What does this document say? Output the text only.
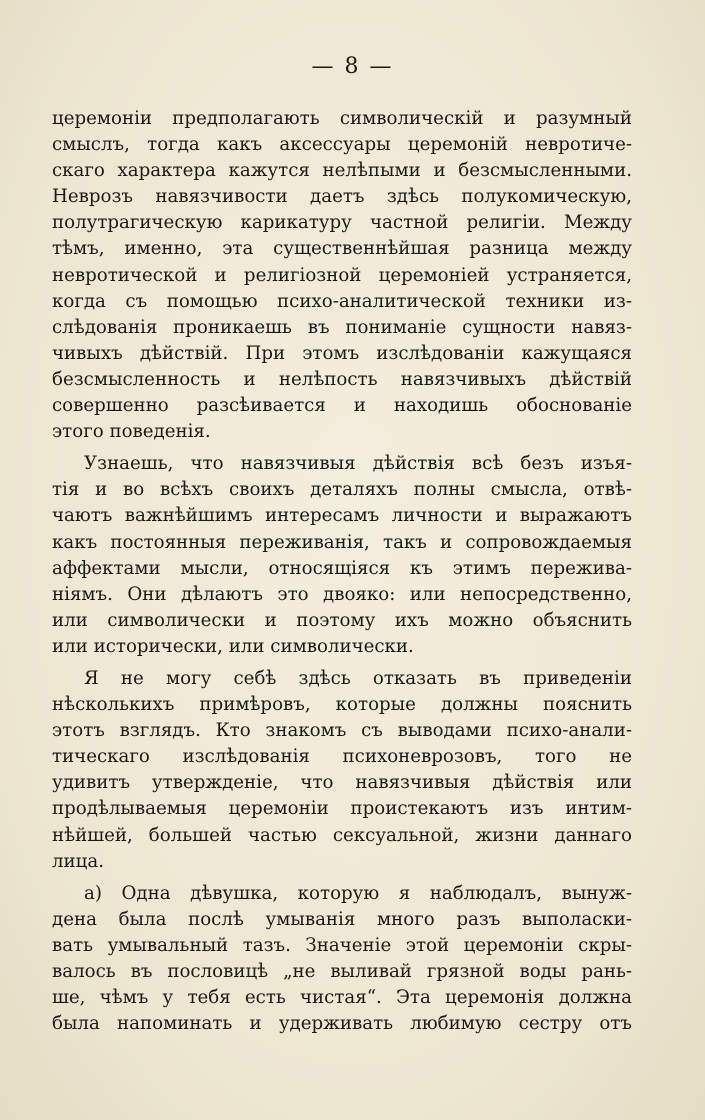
— 8 —
церемоніи предполагають символическій и разумный
смыслъ, тогда какъ аксессуары церемоній невротиче-
скаго характера кажутся нелѣпыми и безсмысленными.
Неврозъ навязчивости даетъ здѣсь полукомическую,
полутрагическую карикатуру частной религіи. Между
тѣмъ, именно, эта существеннѣйшая разница между
невротической и религіозной церемоніей устраняется,
когда съ помощью психо-аналитической техники из-
слѣдованія проникаешь въ пониманіе сущности навяз-
чивыхъ дѣйствій. При этомъ изслѣдованіи кажущаяся
безсмысленность и нелѣпость навязчивыхъ дѣйствій
совершенно разсѣивается и находишь обоснованіе
этого поведенія.
Узнаешь, что навязчивыя дѣйствія всѣ безъ изъя-
тія и во всѣхъ своихъ деталяхъ полны смысла, отвѣ-
чаютъ важнѣйшимъ интересамъ личности и выражаютъ
какъ постоянныя переживанія, такъ и сопровождаемыя
аффектами мысли, относящіяся къ этимъ пережива-
ніямъ. Они дѣлаютъ это двояко: или непосредственно,
или символически и поэтому ихъ можно объяснить
или исторически, или символически.
Я не могу себѣ здѣсь отказать въ приведеніи
нѣсколькихъ примѣровъ, которые должны пояснить
этотъ взглядъ. Кто знакомъ съ выводами психо-анали-
тическаго изслѣдованія психоневрозовъ, того не
удивитъ утвержденіе, что навязчивыя дѣйствія или
продѣлываемыя церемоніи проистекаютъ изъ интим-
нѣйшей, большей частью сексуальной, жизни даннаго
лица.
а) Одна дѣвушка, которую я наблюдалъ, вынуж-
дена была послѣ умыванія много разъ выполаски-
вать умывальный тазъ. Значеніе этой церемоніи скры-
валось въ пословицѣ „не выливай грязной воды рань-
ше, чѣмъ у тебя есть чистая“. Эта церемонія должна
была напоминать и удерживать любимую сестру отъ
